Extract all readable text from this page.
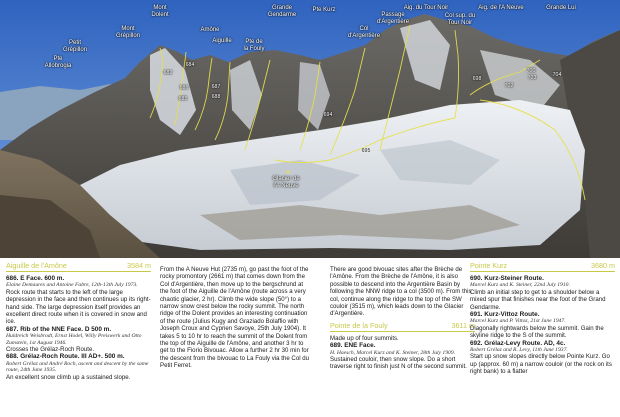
Mont
Dolent
Mont
Grépillon
Amône
Aiguille
Petit
Grépillon
Pte
Allobrogia
Pte de
la Fouly
Grande
Gendarme
Pte Kurz
Col
d'Argentière
Passage
d'Argentière
Aig. du Tour Noir
Col sup. du
Tour Noir
Aig. de l'A Neuve	Grande Lui
Glacier de
l'A Neuve
682
684
686
685
687
688
694
695
698
700
702
703	704
Aiguille de l'Amône	3584 m

686. E Face. 600 m.

Elaine Demaurex and Antoine Fabre, 12th-13th July 1973.

Rock route that starts to the left of the large depression in the face and then continues up its right-hand side. The large depression itself provides an excellent direct route when it is covered in snow and ice.

687. Rib of the NNE Face. D 500 m.

Huldreich Weisbrodt, Ernst Hodel, Willy Preiswerk and Otto Zumstein, 1st August 1946.

Crosses the Grélaz-Roch Route.

688. Grélaz-Roch Route. III AD+. 500 m.

Robert Grélaz and André Roch, ascent and descent by the same route, 24th June 1935.

An excellent snow climb up a sustained slope.

From the A Neuve Hut (2735 m), go past the foot of the rocky promontory (2661 m) that comes down from the Col d'Argentière, then move up to the bergschrund at the foot of the Aiguille de l'Amône (route across a very chaotic glacier, 2 hr). Climb the wide slope (50°) to a narrow snow crest below the rocky summit. The north ridge of the Dolent provides an interesting continuation of the route (Julius Kugy and Graziado Bolaffio with Joseph Croux and Cyprien Savoye, 25th July 1904). It takes 5 to 10 hr to reach the summit of the Dolent from the top of the Aiguille de l'Amône, and another 3 hr to get to the Fiorio Bivouac. Allow a further 2 hr 30 min for the descent from the bivouac to La Fouly via the Col du Petit Ferret.

There are good bivouac sites after the Brèche de l'Amône. From the Brèche de l'Amône, it is also possible to descend into the Argentière Basin by following the NNW ridge to a col (3500 m). From this col, continue along the ridge to the top of the SW couloir (3515 m), which leads down to the Glacier d'Argentière.

Pointe de la Fouly	3611 m

Made up of four summits.

689. ENE Face.

H. Haesch, Marcel Kurz and K. Steiner, 28th July 1909.

Sustained couloir, then snow slope. Do a short traverse right to finish just N of the second summit.

Pointe Kurz	3680 m

690. Kurz-Steiner Route.

Marcel Kurz and K. Steiner, 22nd July 1910.

Climb an initial step to get to a shoulder below a mixed spur that finishes near the foot of the Grand Gendarme.

691. Kurz-Vittoz Route.

Marcel Kurz and P. Vittoz, 21st June 1947.

Diagonally rightwards below the summit. Gain the skyline ridge to the S of the summit.

692. Grélaz-Levy Route. AD, 4c.

Robert Grélaz and R. Levy, 11th June 1937.

Start up snow slopes directly below Pointe Kurz. Go up (approx. 60 m) a narrow couloir (or the rock on its right bank) to a flatter
